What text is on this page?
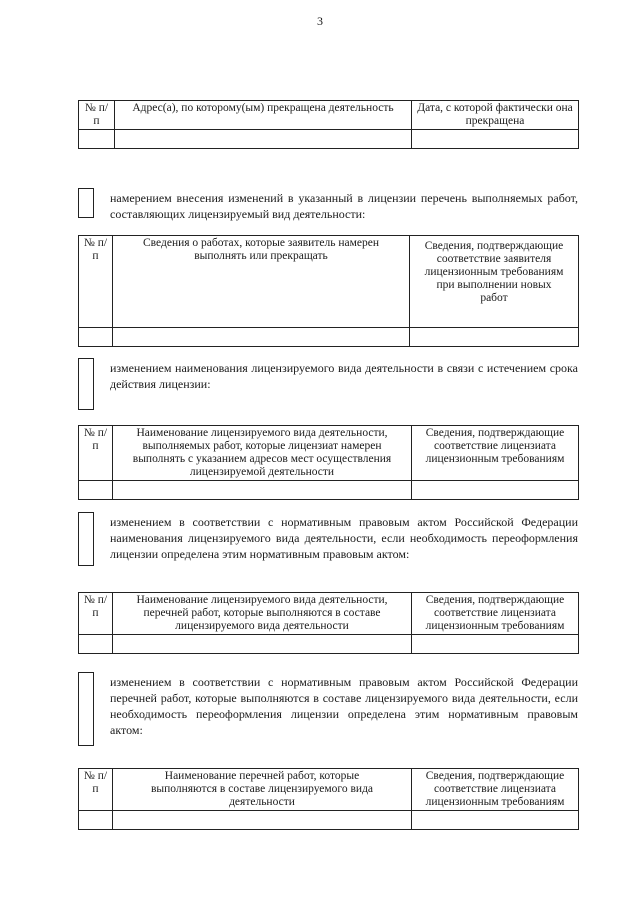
3
№ п/п	Адрес(а), по которому(ым) прекращена деятельность	Дата, с которой фактически она прекращена

намерением внесения изменений в указанный в лицензии перечень выполняемых работ, составляющих лицензируемый вид деятельности:
№ п/п	Сведения о работах, которые заявитель намерен выполнять или прекращать	Сведения, подтверждающие соответствие заявителя лицензионным требованиям при выполнении новых работ

изменением наименования лицензируемого вида деятельности в связи с истечением срока действия лицензии:
№ п/п	Наименование лицензируемого вида деятельности, выполняемых работ, которые лицензиат намерен выполнять с указанием адресов мест осуществления лицензируемой деятельности	Сведения, подтверждающие соответствие лицензиата лицензионным требованиям

изменением в соответствии с нормативным правовым актом Российской Федерации наименования лицензируемого вида деятельности, если необходимость переоформления лицензии определена этим нормативным правовым актом:
№ п/п	Наименование лицензируемого вида деятельности, перечней работ, которые выполняются в составе лицензируемого вида деятельности	Сведения, подтверждающие соответствие лицензиата лицензионным требованиям

изменением в соответствии с нормативным правовым актом Российской Федерации перечней работ, которые выполняются в составе лицензируемого вида деятельности, если необходимость переоформления лицензии определена этим нормативным правовым актом:
№ п/п	Наименование перечней работ, которые выполняются в составе лицензируемого вида деятельности	Сведения, подтверждающие соответствие лицензиата лицензионным требованиям
